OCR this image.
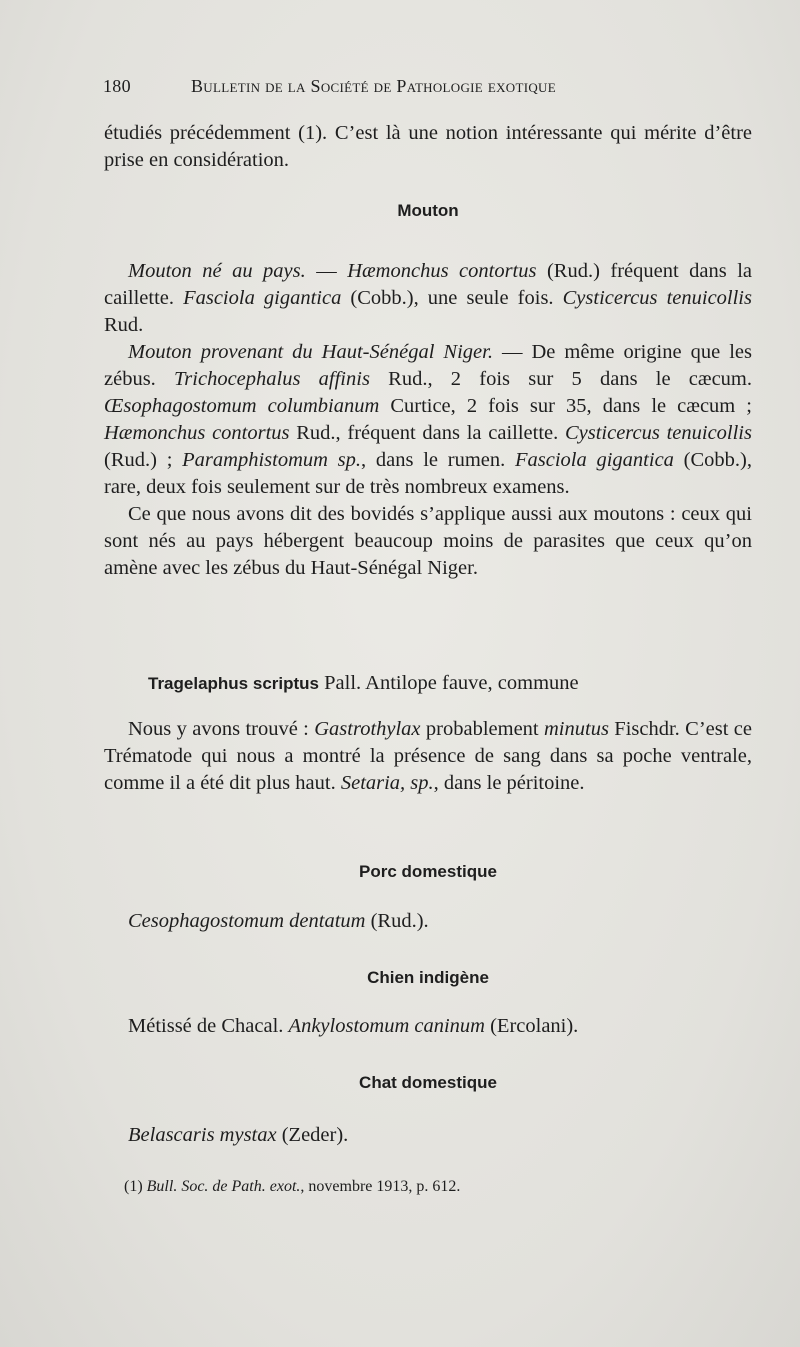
180	Bulletin de la Société de Pathologie exotique

étudiés précédemment (1). C’est là une notion intéressante qui mérite d’être prise en considération.

Mouton

Mouton né au pays. — Hæmonchus contortus (Rud.) fréquent dans la caillette. Fasciola gigantica (Cobb.), une seule fois. Cysticercus tenuicollis Rud.

Mouton provenant du Haut-Sénégal Niger. — De même origine que les zébus. Trichocephalus affinis Rud., 2 fois sur 5 dans le cæcum. Œsophagostomum columbianum Curtice, 2 fois sur 35, dans le cæcum ; Hæmonchus contortus Rud., fréquent dans la caillette. Cysticercus tenuicollis (Rud.) ; Paramphistomum sp., dans le rumen. Fasciola gigantica (Cobb.), rare, deux fois seulement sur de très nombreux examens.

Ce que nous avons dit des bovidés s’applique aussi aux moutons : ceux qui sont nés au pays hébergent beaucoup moins de parasites que ceux qu’on amène avec les zébus du Haut-Sénégal Niger.

Tragelaphus scriptus Pall. Antilope fauve, commune

Nous y avons trouvé : Gastrothylax probablement minutus Fischdr. C’est ce Trématode qui nous a montré la présence de sang dans sa poche ventrale, comme il a été dit plus haut. Setaria, sp., dans le péritoine.

Porc domestique

Cesophagostomum dentatum (Rud.).

Chien indigène

Métissé de Chacal. Ankylostomum caninum (Ercolani).

Chat domestique

Belascaris mystax (Zeder).

(1) Bull. Soc. de Path. exot., novembre 1913, p. 612.
